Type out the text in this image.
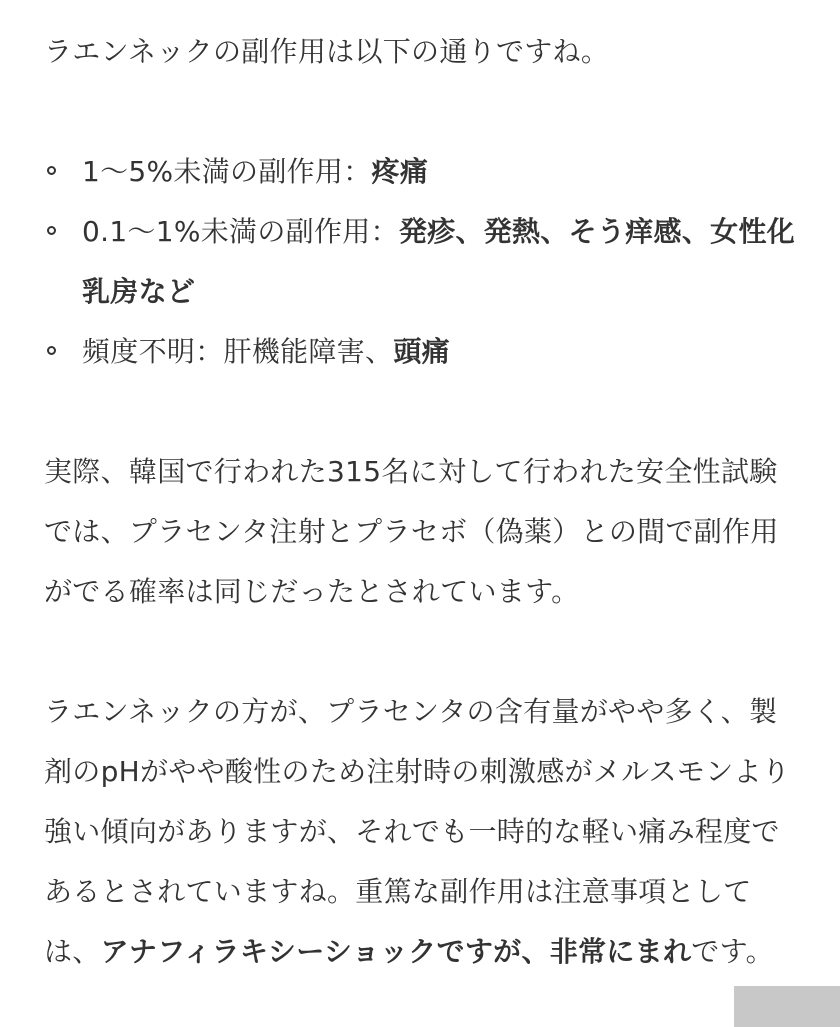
ラエンネックの副作用は以下の通りですね。

1〜5%未満の副作用：疼痛
0.1〜1%未満の副作用：発疹、発熱、そう痒感、女性化乳房など
頻度不明：肝機能障害、頭痛

実際、韓国で行われた315名に対して行われた安全性試験では、プラセンタ注射とプラセボ（偽薬）との間で副作用がでる確率は同じだったとされています。

ラエンネックの方が、プラセンタの含有量がやや多く、製剤のpHがやや酸性のため注射時の刺激感がメルスモンより強い傾向がありますが、それでも一時的な軽い痛み程度であるとされていますね。重篤な副作用は注意事項としては、アナフィラキシーショックですが、非常にまれです。
